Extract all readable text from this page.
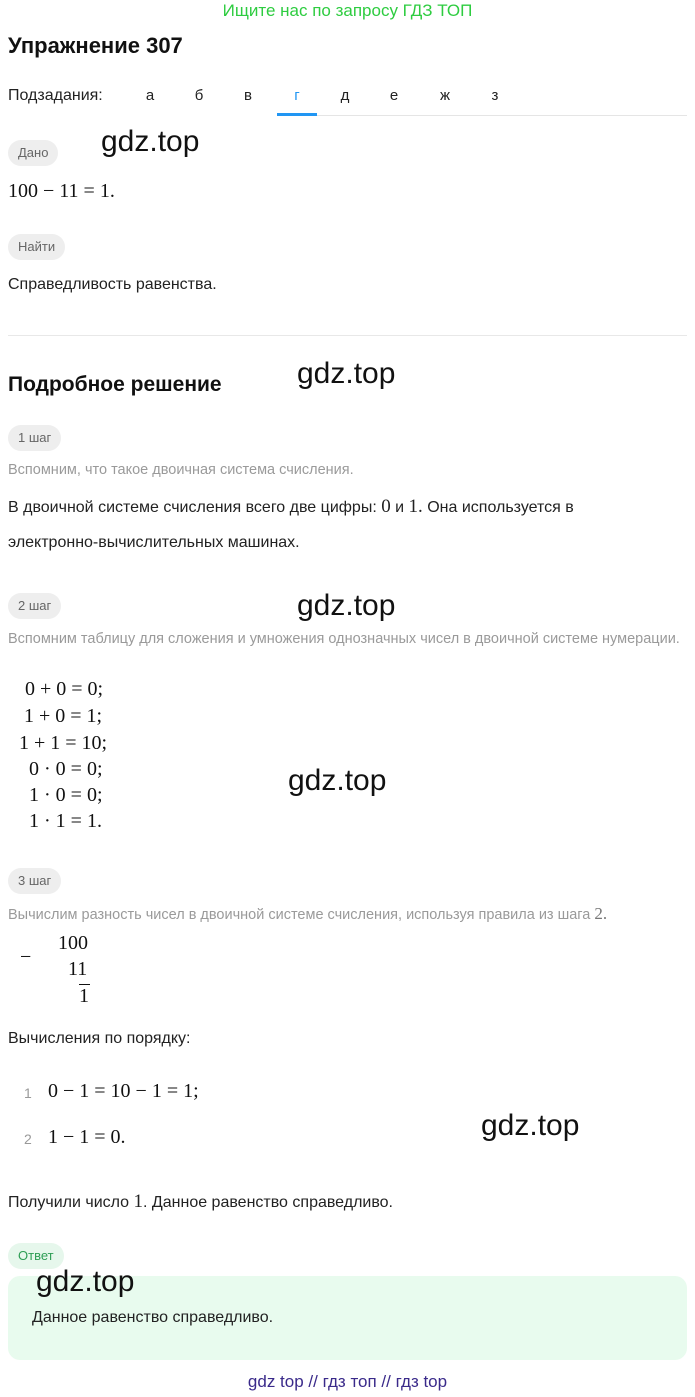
Ищите нас по запросу ГДЗ ТОП
Упражнение 307
Подзадания:	а	б	в	г	д	е	ж	з
Дано	gdz.top
100 − 11 = 1.
Найти
Справедливость равенства.
Подробное решение	gdz.top
1 шаг
Вспомним, что такое двоичная система счисления.
В двоичной системе счисления всего две цифры: 0 и 1. Она используется в
электронно-вычислительных машинах.
2 шаг	gdz.top
Вспомним таблицу для сложения и умножения однозначных чисел в двоичной системе нумерации.
0 + 0 = 0;
1 + 0 = 1;
1 + 1 = 10;
0 · 0 = 0;
1 · 0 = 0;
1 · 1 = 1.
gdz.top
3 шаг
Вычислим разность чисел в двоичной системе счисления, используя правила из шага 2.
−
100
11
1
Вычисления по порядку:
1 0 − 1 = 10 − 1 = 1;
2 1 − 1 = 0.	gdz.top
Получили число 1. Данное равенство справедливо.
Ответ
gdz.top
Данное равенство справедливо.
gdz top // гдз топ // гдз top
